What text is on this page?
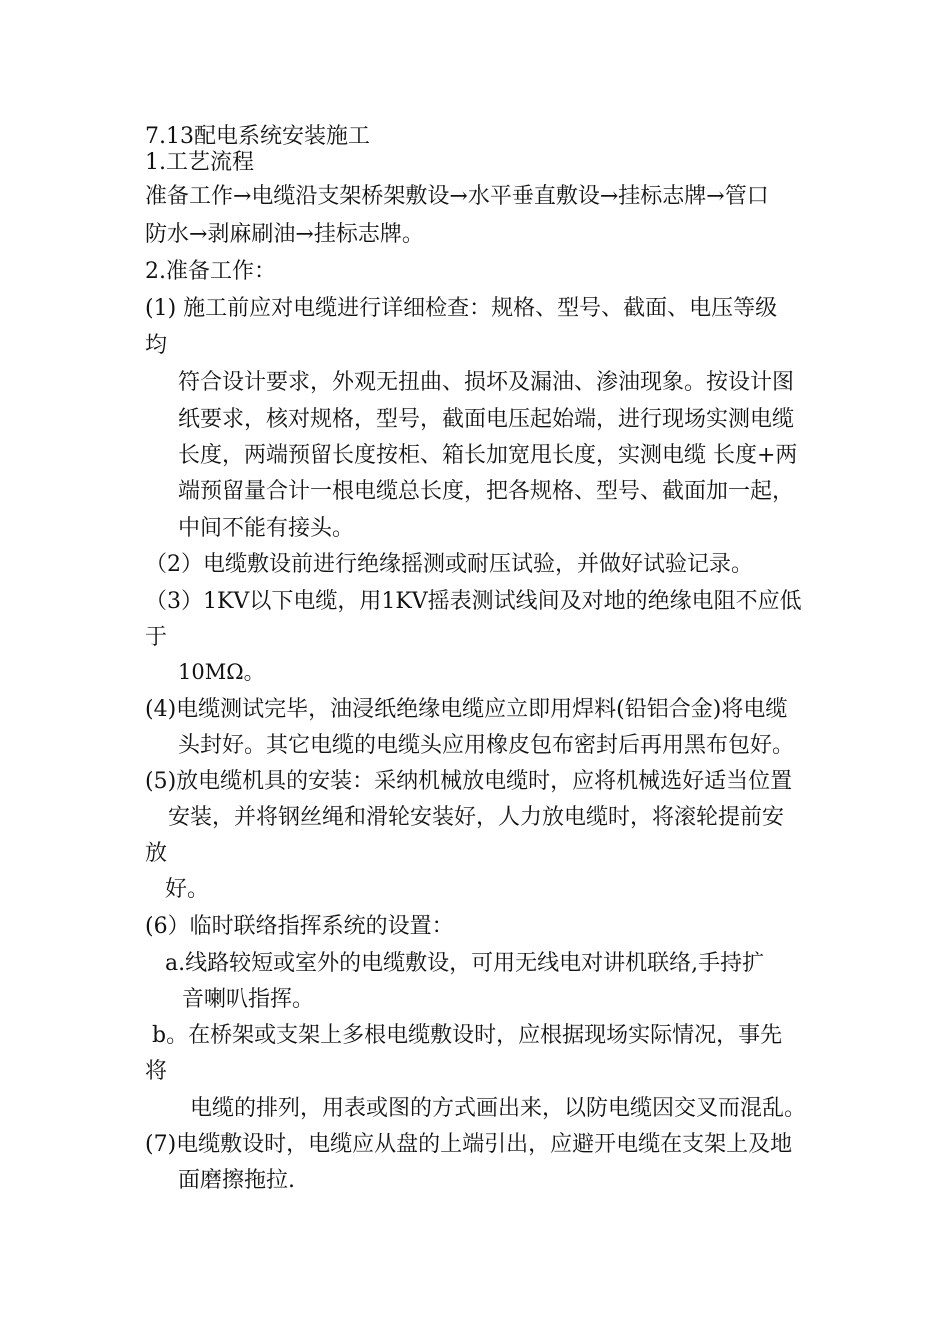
7.13配电系统安装施工
1.工艺流程
准备工作→电缆沿支架桥架敷设→水平垂直敷设→挂标志牌→管口
防水→剥麻刷油→挂标志牌。
2.准备工作：
(1) 施工前应对电缆进行详细检查：规格、型号、截面、电压等级
均
符合设计要求，外观无扭曲、损坏及漏油、渗油现象。按设计图
纸要求，核对规格，型号，截面电压起始端，进行现场实测电缆
长度，两端预留长度按柜、箱长加宽甩长度，实测电缆 长度+两
端预留量合计一根电缆总长度，把各规格、型号、截面加一起，
中间不能有接头。
（2）电缆敷设前进行绝缘摇测或耐压试验，并做好试验记录。
（3）1KV以下电缆，用1KV摇表测试线间及对地的绝缘电阻不应低
于
10MΩ。
(4)电缆测试完毕，油浸纸绝缘电缆应立即用焊料(铅铝合金)将电缆
头封好。其它电缆的电缆头应用橡皮包布密封后再用黑布包好。
(5)放电缆机具的安装：采纳机械放电缆时，应将机械选好适当位置
安装，并将钢丝绳和滑轮安装好，人力放电缆时，将滚轮提前安
放
好。
(6）临时联络指挥系统的设置：
a.线路较短或室外的电缆敷设，可用无线电对讲机联络,手持扩
音喇叭指挥。
b。在桥架或支架上多根电缆敷设时，应根据现场实际情况，事先
将
电缆的排列，用表或图的方式画出来，以防电缆因交叉而混乱。
(7)电缆敷设时，电缆应从盘的上端引出，应避开电缆在支架上及地
面磨擦拖拉.
